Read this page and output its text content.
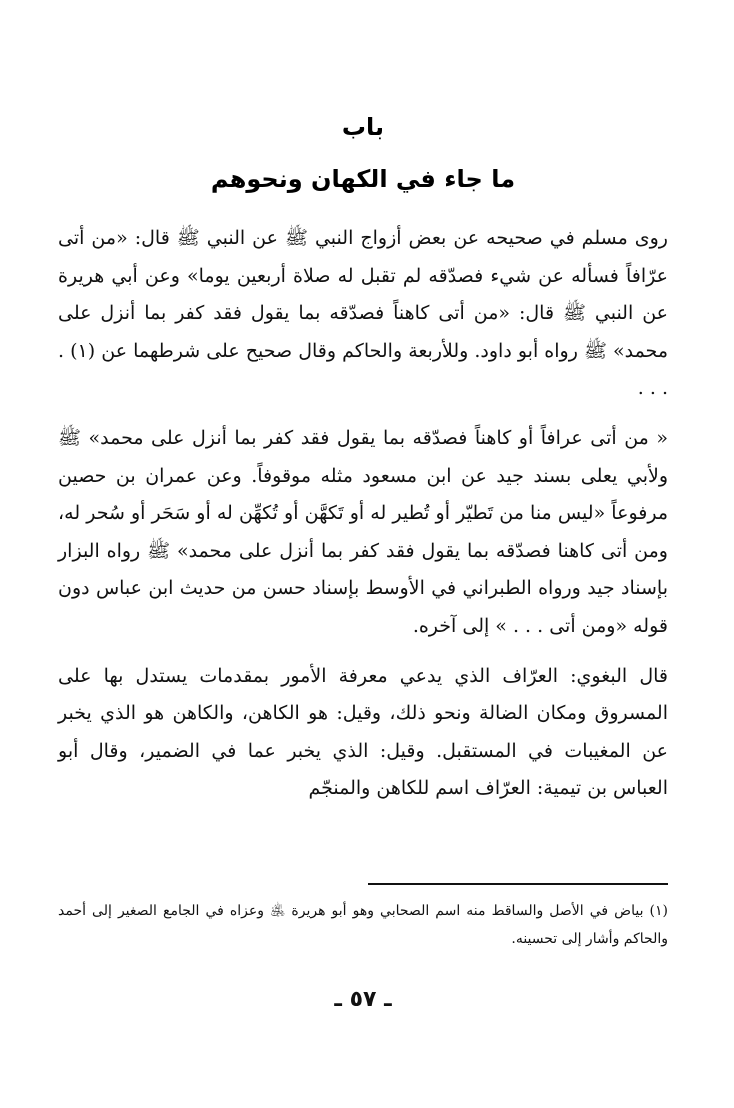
باب
ما جاء في الكهان ونحوهم

روى مسلم في صحيحه عن بعض أزواج النبي ﷺ عن النبي ﷺ قال: «من أتى عرّافاً فسأله عن شيء فصدّقه لم تقبل له صلاة أربعين يوما» وعن أبي هريرة عن النبي ﷺ قال: «من أتى كاهناً فصدّقه بما يقول فقد كفر بما أنزل على محمد» ﷺ رواه أبو داود. وللأربعة والحاكم وقال صحيح على شرطهما عن (١) . . . .

« من أتى عرافاً أو كاهناً فصدّقه بما يقول فقد كفر بما أنزل على محمد» ﷺ ولأبي يعلى بسند جيد عن ابن مسعود مثله موقوفاً. وعن عمران بن حصين مرفوعاً «ليس منا من تَطيّر أو تُطير له أو تَكهَّن أو تُكهِّن له أو سَحَر أو سُحر له، ومن أتى كاهنا فصدّقه بما يقول فقد كفر بما أنزل على محمد» ﷺ رواه البزار بإسناد جيد ورواه الطبراني في الأوسط بإسناد حسن من حديث ابن عباس دون قوله «ومن أتى . . . » إلى آخره.

قال البغوي: العرّاف الذي يدعي معرفة الأمور بمقدمات يستدل بها على المسروق ومكان الضالة ونحو ذلك، وقيل: هو الكاهن، والكاهن هو الذي يخبر عن المغيبات في المستقبل. وقيل: الذي يخبر عما في الضمير، وقال أبو العباس بن تيمية: العرّاف اسم للكاهن والمنجّم

(١) بياض في الأصل والساقط منه اسم الصحابي وهو أبو هريرة ﵁ وعزاه في الجامع الصغير إلى أحمد والحاكم وأشار إلى تحسينه.
ـ ٥٧ ـ
